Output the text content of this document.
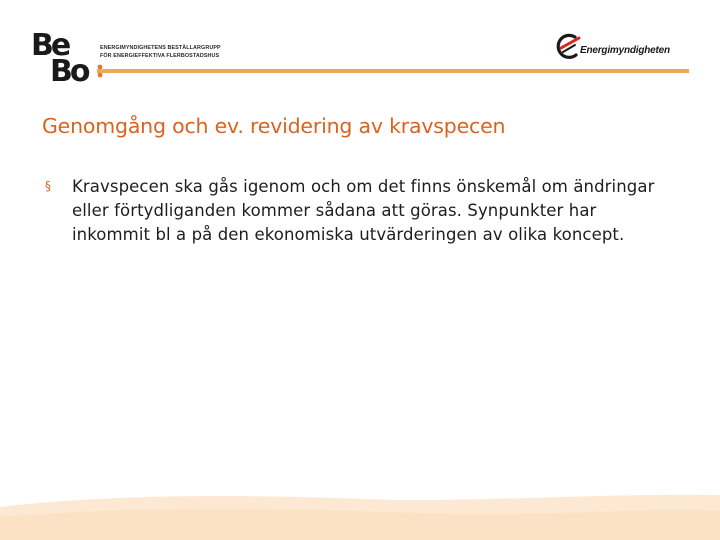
Be
Bo
ENERGIMYNDIGHETENS BESTÄLLARGRUPP
FÖR ENERGIEFFEKTIVA FLERBOSTADSHUS	Energimyndigheten
Genomgång och ev. revidering av kravspecen
§ Kravspecen ska gås igenom och om det finns önskemål om ändringar eller förtydliganden kommer sådana att göras. Synpunkter har inkommit bl a på den ekonomiska utvärderingen av olika koncept.
